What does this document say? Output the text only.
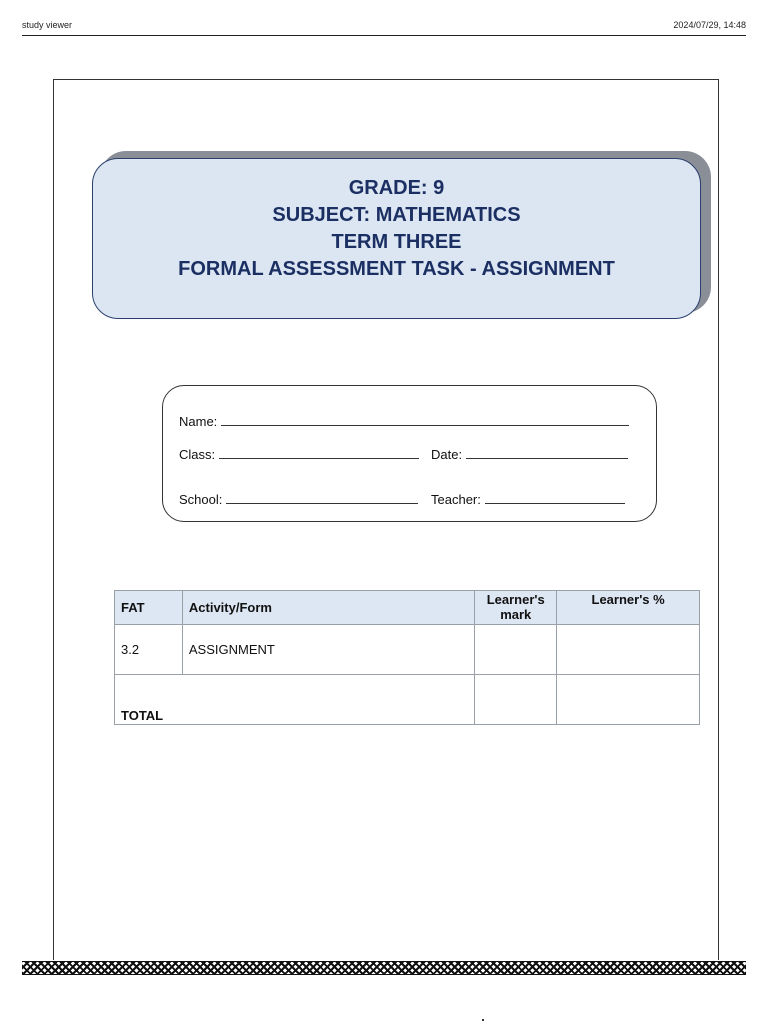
study viewer	2024/07/29, 14:48
GRADE: 9
SUBJECT: MATHEMATICS
TERM THREE
FORMAL ASSESSMENT TASK - ASSIGNMENT
Name:
Class:	Date:
School:	Teacher:
FAT	Activity/Form	Learner's mark	Learner's %
3.2	ASSIGNMENT		
TOTAL			
